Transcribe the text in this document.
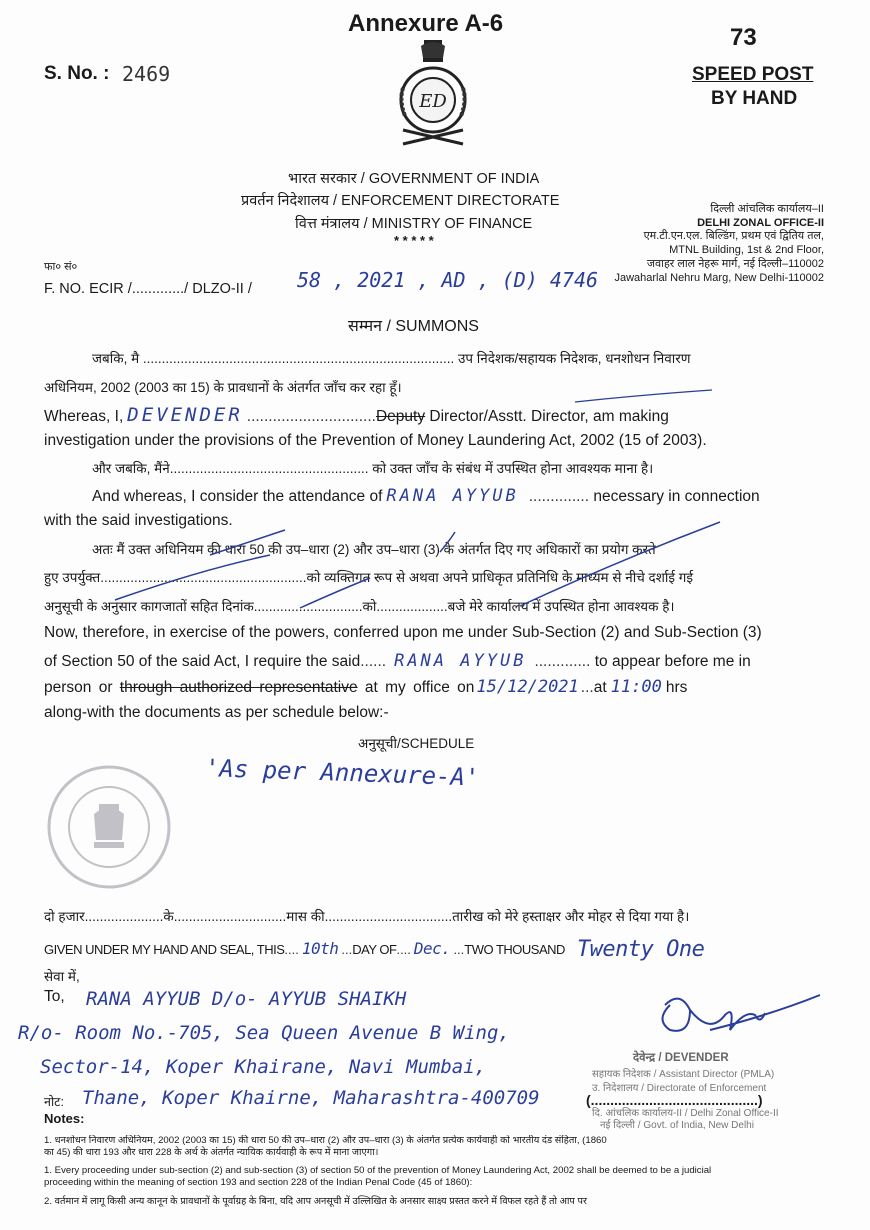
Annexure A-6
73
S. No. : 2469	SPEED POST
BY HAND
ED
भारत सरकार / GOVERNMENT OF INDIA
प्रवर्तन निदेशालय / ENFORCEMENT DIRECTORATE
वित्त मंत्रालय / MINISTRY OF FINANCE
* * * * *
दिल्ली आंचलिक कार्यालय–II
DELHI ZONAL OFFICE-II
एम.टी.एन.एल. बिल्डिंग, प्रथम एवं द्वितिय तल,
MTNL Building, 1st & 2nd Floor,
जवाहर लाल नेहरू मार्ग, नई दिल्ली–110002
Jawaharlal Nehru Marg, New Delhi-110002
फा० सं०
F. NO. ECIR /............./ DLZO-II / 58 , 2021 , AD , (D) 4746
सम्मन / SUMMONS
जबकि, मै ................................................................................... उप निदेशक/सहायक निदेशक, धनशोधन निवारण
अधिनियम, 2002 (2003 का 15) के प्रावधानों के अंतर्गत जाँच कर रहा हूँ।
Whereas, I, DEVENDER ..............................Deputy Director/Asstt. Director, am making
investigation under the provisions of the Prevention of Money Laundering Act, 2002 (15 of 2003).
और जबकि, मैंने..................................................... को उक्त जाँच के संबंध में उपस्थित होना आवश्यक माना है।
And whereas, I consider the attendance of RANA AYYUB .............. necessary in connection
with the said investigations.
अतः मैं उक्त अधिनियम की धारा 50 की उप–धारा (2) और उप–धारा (3) के अंतर्गत दिए गए अधिकारों का प्रयोग करते
हुए उपर्युक्त.......................................................को व्यक्तिगत रूप से अथवा अपने प्राधिकृत प्रतिनिधि के माध्यम से नीचे दर्शाई गई
अनुसूची के अनुसार कागजातों सहित दिनांक.............................को...................बजे मेरे कार्यालय में उपस्थित होना आवश्यक है।
Now, therefore, in exercise of the powers, conferred upon me under Sub-Section (2) and Sub-Section (3)
of Section 50 of the said Act, I require the said...... RANA AYYUB ............. to appear before me in
person or through authorized representative at my office on 15/12/2021 ...at 11:00 hrs
along-with the documents as per schedule below:-
अनुसूची/SCHEDULE
'As per Annexure-A'
दो हजार.....................के..............................मास की..................................तारीख को मेरे हस्ताक्षर और मोहर से दिया गया है।
GIVEN UNDER MY HAND AND SEAL, THIS.... 10th ...DAY OF.... Dec. ...TWO THOUSAND Twenty One
सेवा में,
To, RANA AYYUB D/o- AYYUB SHAIKH
R/o- Room No.-705, Sea Queen Avenue B Wing,
Sector-14, Koper Khairane, Navi Mumbai,
Thane, Koper Khairne, Maharashtra-400709
देवेन्द्र / DEVENDER
सहायक निदेशक / Assistant Director (PMLA)
उ. निदेशालय / Directorate of Enforcement
(...........................................)
दि. आंचलिक कार्यालय-II / Delhi Zonal Office-II
नई दिल्ली / Govt. of India, New Delhi
नोट:
Notes:

1. धनशोधन निवारण अधिनियम, 2002 (2003 का 15) की धारा 50 की उप–धारा (2) और उप–धारा (3) के अंतर्गत प्रत्येक कार्यवाही को भारतीय दंड संहिता, (1860

का 45) की धारा 193 और धारा 228 के अर्थ के अंतर्गत न्यायिक कार्यवाही के रूप में माना जाएगा।

1. Every proceeding under sub-section (2) and sub-section (3) of section 50 of the prevention of Money Laundering Act, 2002 shall be deemed to be a judicial

proceeding within the meaning of section 193 and section 228 of the Indian Penal Code (45 of 1860):

2. वर्तमान में लागू किसी अन्य कानून के प्रावधानों के पूर्वाग्रह के बिना, यदि आप अनसूची में उल्लिखित के अनसार साक्ष्य प्रस्तत करने में विफल रहते हैं तो आप पर
